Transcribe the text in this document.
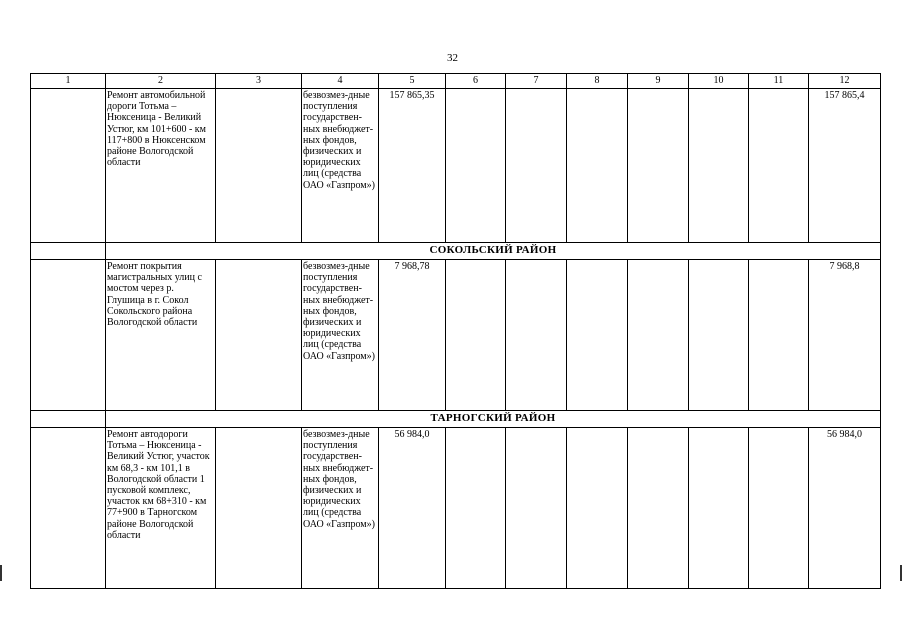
32
1	2	3	4	5	6	7	8	9	10	11	12
	Ремонт автомобильной дороги Тотьма – Нюксеница - Великий Устюг, км 101+600 - км 117+800 в Нюксенском районе Вологодской области		безвозмез-дные поступления государствен-ных внебюджет-ных фондов, физических и юридических лиц (средства ОАО «Газпром»)	157 865,35							157 865,4
	СОКОЛЬСКИЙ РАЙОН										
	Ремонт покрытия магистральных улиц с мостом через р. Глушица в г. Сокол Сокольского района Вологодской области		безвозмез-дные поступления государствен-ных внебюджет-ных фондов, физических и юридических лиц (средства ОАО «Газпром»)	7 968,78							7 968,8
	ТАРНОГСКИЙ РАЙОН										
	Ремонт автодороги Тотьма – Нюксеница - Великий Устюг, участок км 68,3 - км 101,1 в Вологодской области 1 пусковой комплекс, участок км 68+310 - км 77+900 в Тарногском районе Вологодской области		безвозмез-дные поступления государствен-ных внебюджет-ных фондов, физических и юридических лиц (средства ОАО «Газпром»)	56 984,0							56 984,0
